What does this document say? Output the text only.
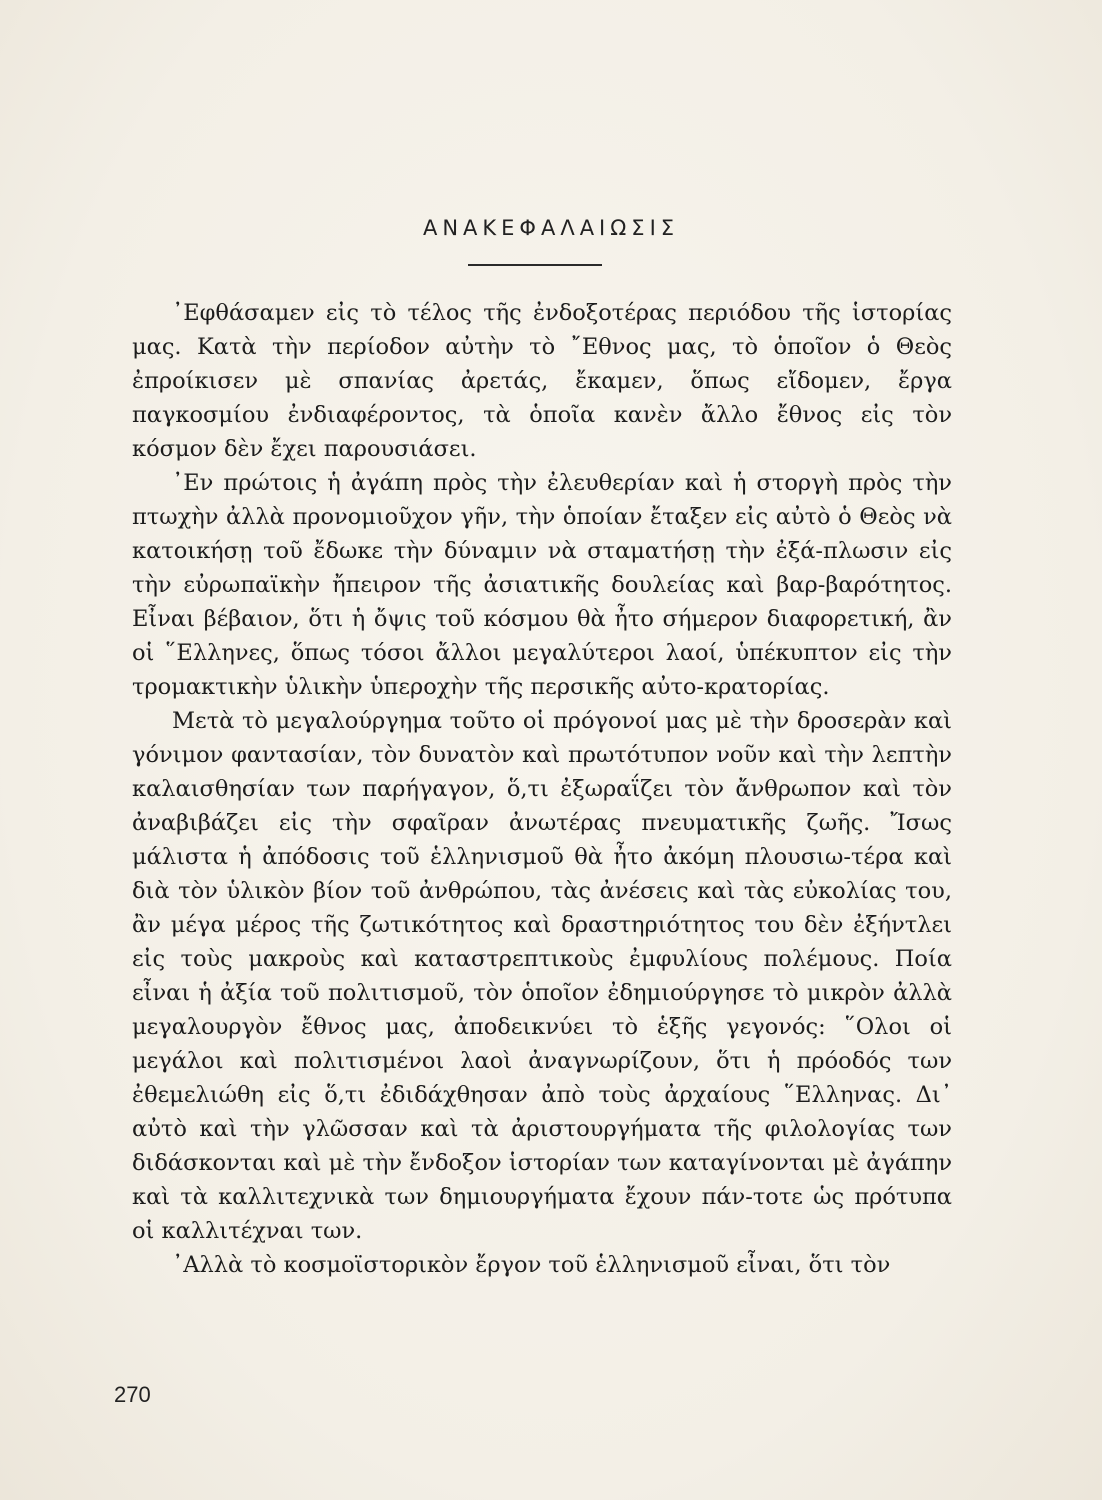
ΑΝΑΚΕΦΑΛΑΙΩΣΙΣ

᾿Εφθάσαμεν εἰς τὸ τέλος τῆς ἐνδοξοτέρας περιόδου τῆς ἱστορίας μας. Κατὰ τὴν περίοδον αὐτὴν τὸ ῎Εθνος μας, τὸ ὁποῖον ὁ Θεὸς ἐπροίκισεν μὲ σπανίας ἀρετάς, ἔκαμεν, ὅπως εἴδομεν, ἔργα παγκοσμίου ἐνδιαφέροντος, τὰ ὁποῖα κανὲν ἄλλο ἔθνος εἰς τὸν κόσμον δὲν ἔχει παρουσιάσει.

᾿Εν πρώτοις ἡ ἀγάπη πρὸς τὴν ἐλευθερίαν καὶ ἡ στοργὴ πρὸς τὴν πτωχὴν ἀλλὰ προνομιοῦχον γῆν, τὴν ὁποίαν ἔταξεν εἰς αὐτὸ ὁ Θεὸς νὰ κατοικήσῃ τοῦ ἔδωκε τὴν δύναμιν νὰ σταματήσῃ τὴν ἐξά-πλωσιν εἰς τὴν εὐρωπαϊκὴν ἤπειρον τῆς ἀσιατικῆς δουλείας καὶ βαρ-βαρότητος. Εἶναι βέβαιον, ὅτι ἡ ὄψις τοῦ κόσμου θὰ ἦτο σήμερον διαφορετική, ἂν οἱ ῞Ελληνες, ὅπως τόσοι ἄλλοι μεγαλύτεροι λαοί, ὑπέκυπτον εἰς τὴν τρομακτικὴν ὑλικὴν ὑπεροχὴν τῆς περσικῆς αὐτο-κρατορίας.

Μετὰ τὸ μεγαλούργημα τοῦτο οἱ πρόγονοί μας μὲ τὴν δροσερὰν καὶ γόνιμον φαντασίαν, τὸν δυνατὸν καὶ πρωτότυπον νοῦν καὶ τὴν λεπτὴν καλαισθησίαν των παρήγαγον, ὅ,τι ἐξωραΐζει τὸν ἄνθρωπον καὶ τὸν ἀναβιβάζει εἰς τὴν σφαῖραν ἀνωτέρας πνευματικῆς ζωῆς. Ἴσως μάλιστα ἡ ἀπόδοσις τοῦ ἑλληνισμοῦ θὰ ἦτο ἀκόμη πλουσιω-τέρα καὶ διὰ τὸν ὑλικὸν βίον τοῦ ἀνθρώπου, τὰς ἀνέσεις καὶ τὰς εὐκολίας του, ἂν μέγα μέρος τῆς ζωτικότητος καὶ δραστηριότητος του δὲν ἐξήντλει εἰς τοὺς μακροὺς καὶ καταστρεπτικοὺς ἐμφυλίους πολέμους. Ποία εἶναι ἡ ἀξία τοῦ πολιτισμοῦ, τὸν ὁποῖον ἐδημιούργησε τὸ μικρὸν ἀλλὰ μεγαλουργὸν ἔθνος μας, ἀποδεικνύει τὸ ἑξῆς γεγονός: ῞Ολοι οἱ μεγάλοι καὶ πολιτισμένοι λαοὶ ἀναγνωρίζουν, ὅτι ἡ πρόοδός των ἐθεμελιώθη εἰς ὅ,τι ἐδιδάχθησαν ἀπὸ τοὺς ἀρχαίους ῞Ελληνας. Δι᾿ αὐτὸ καὶ τὴν γλῶσσαν καὶ τὰ ἀριστουργήματα τῆς φιλολογίας των διδάσκονται καὶ μὲ τὴν ἔνδοξον ἱστορίαν των καταγίνονται μὲ ἀγάπην καὶ τὰ καλλιτεχνικὰ των δημιουργήματα ἔχουν πάν-τοτε ὡς πρότυπα οἱ καλλιτέχναι των.

᾿Αλλὰ τὸ κοσμοϊστορικὸν ἔργον τοῦ ἑλληνισμοῦ εἶναι, ὅτι τὸν

270
